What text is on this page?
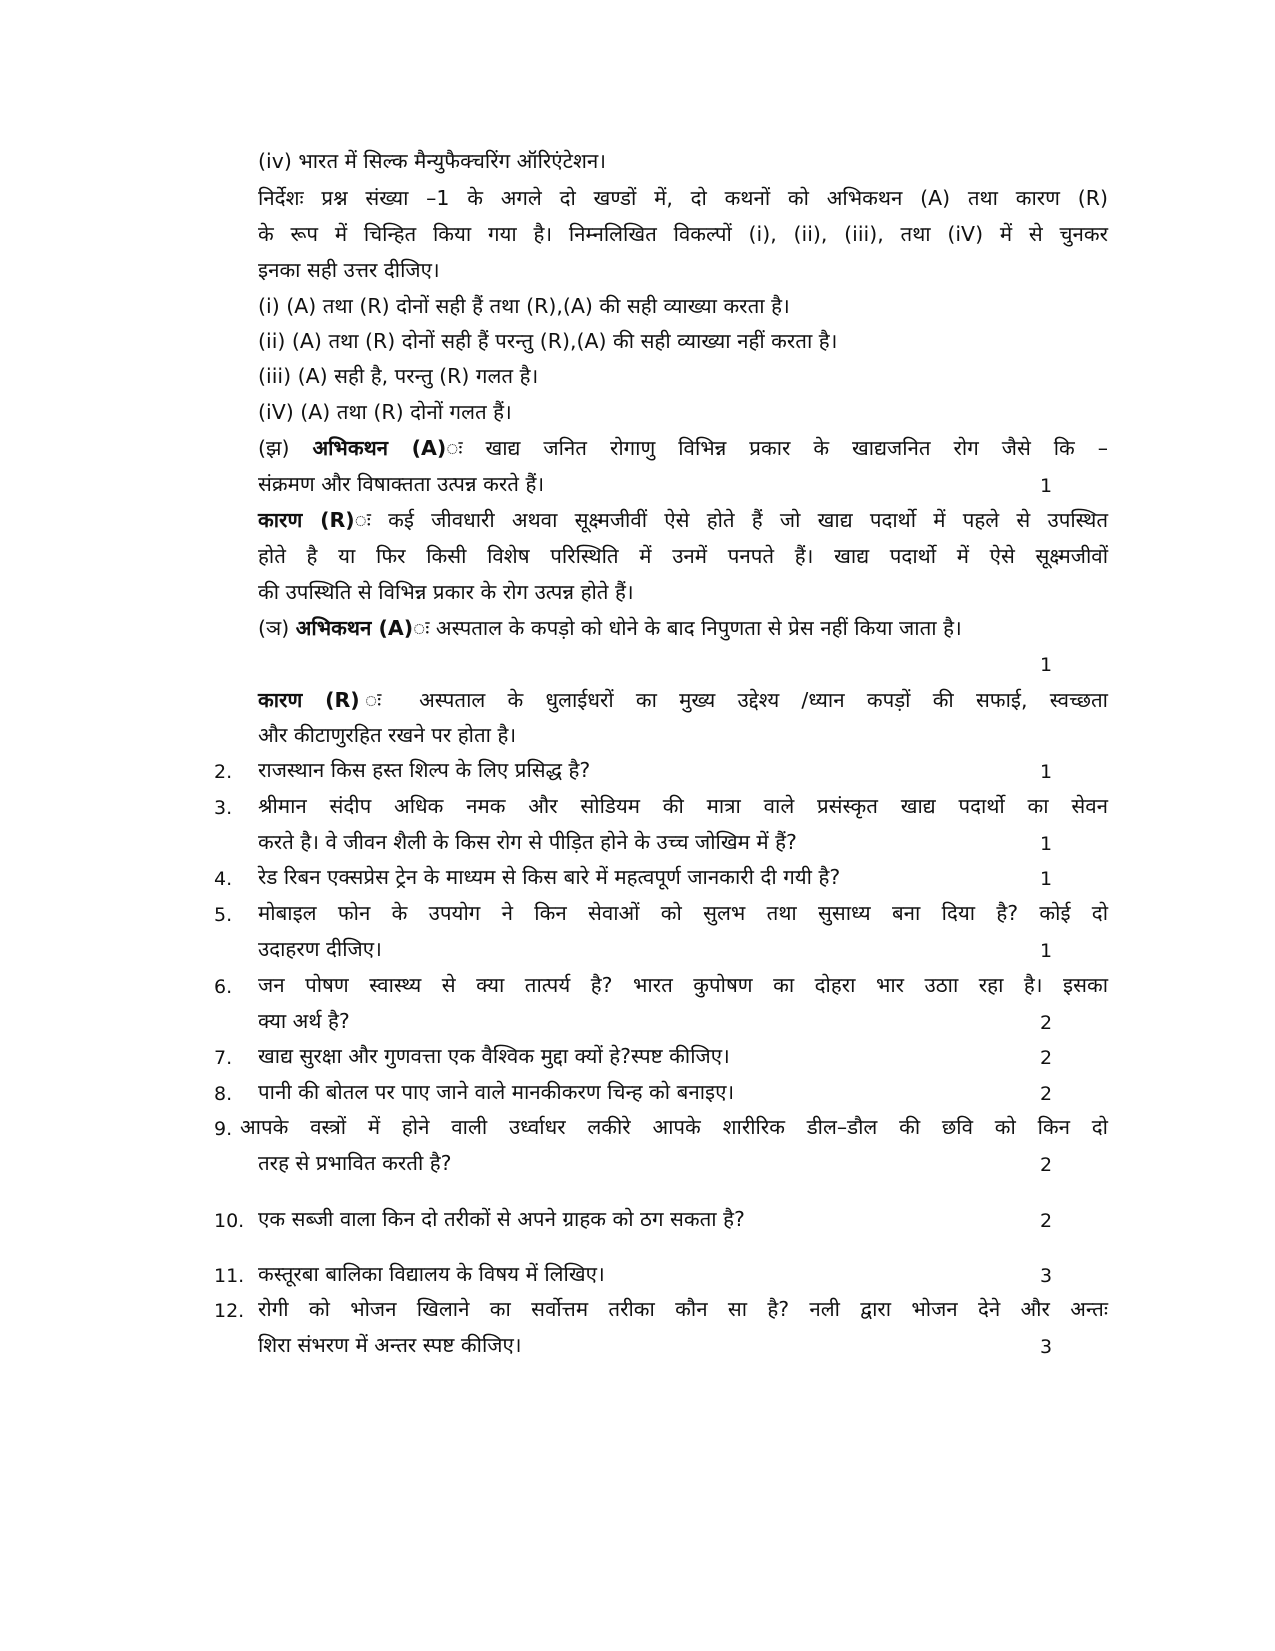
(iv) भारत में सिल्क मैन्युफैक्चरिंग ऑरिएंटेशन।
निर्देशः प्रश्न संख्या –1 के अगले दो खण्डों में, दो कथनों को अभिकथन (A) तथा कारण (R)
के रूप में चिन्हित किया गया है। निम्नलिखित विकल्पों (i), (ii), (iii), तथा (iV) में से चुनकर
इनका सही उत्तर दीजिए।
(i) (A) तथा (R) दोनों सही हैं तथा (R),(A) की सही व्याख्या करता है।
(ii) (A) तथा (R) दोनों सही हैं परन्तु (R),(A) की सही व्याख्या नहीं करता है।
(iii) (A) सही है, परन्तु (R) गलत है।
(iV) (A) तथा (R) दोनों गलत हैं।
(झ) अभिकथन (A)ः खाद्य जनित रोगाणु विभिन्न प्रकार के खाद्यजनित रोग जैसे कि –
संक्रमण और विषाक्तता उत्पन्न करते हैं।	1
कारण (R)ः कई जीवधारी अथवा सूक्ष्मजीवीं ऐसे होते हैं जो खाद्य पदार्थो में पहले से उपस्थित
होते है या फिर किसी विशेष परिस्थिति में उनमें पनपते हैं। खाद्य पदार्थो में ऐसे सूक्ष्मजीवों
की उपस्थिति से विभिन्न प्रकार के रोग उत्पन्न होते हैं।
(ञ) अभिकथन (A)ः अस्पताल के कपड़ो को धोने के बाद निपुणता से प्रेस नहीं किया जाता है।
1
कारण (R) ः अस्पताल के धुलाईधरों का मुख्य उद्देश्य /ध्यान कपड़ों की सफाई, स्वच्छता
और कीटाणुरहित रखने पर होता है।
2. राजस्थान किस हस्त शिल्प के लिए प्रसिद्ध है?	1
3. श्रीमान संदीप अधिक नमक और सोडियम की मात्रा वाले प्रसंस्कृत खाद्य पदार्थो का सेवन
करते है। वे जीवन शैली के किस रोग से पीड़ित होने के उच्च जोखिम में हैं?	1
4. रेड रिबन एक्सप्रेस ट्रेन के माध्यम से किस बारे में महत्वपूर्ण जानकारी दी गयी है?	1
5. मोबाइल फोन के उपयोग ने किन सेवाओं को सुलभ तथा सुसाध्य बना दिया है? कोई दो
उदाहरण दीजिए।	1
6. जन पोषण स्वास्थ्य से क्या तात्पर्य है? भारत कुपोषण का दोहरा भार उठाा रहा है। इसका
क्या अर्थ है?	2
7. खाद्य सुरक्षा और गुणवत्ता एक वैश्विक मुद्दा क्यों हे?स्पष्ट कीजिए।	2
8. पानी की बोतल पर पाए जाने वाले मानकीकरण चिन्ह को बनाइए।	2
9. आपके वस्त्रों में होने वाली उर्ध्वाधर लकीरे आपके शारीरिक डील–डौल की छवि को किन दो
तरह से प्रभावित करती है?	2
10. एक सब्जी वाला किन दो तरीकों से अपने ग्राहक को ठग सकता है?	2
11. कस्तूरबा बालिका विद्यालय के विषय में लिखिए।	3
12. रोगी को भोजन खिलाने का सर्वोत्तम तरीका कौन सा है? नली द्वारा भोजन देने और अन्तः
शिरा संभरण में अन्तर स्पष्ट कीजिए।	3
